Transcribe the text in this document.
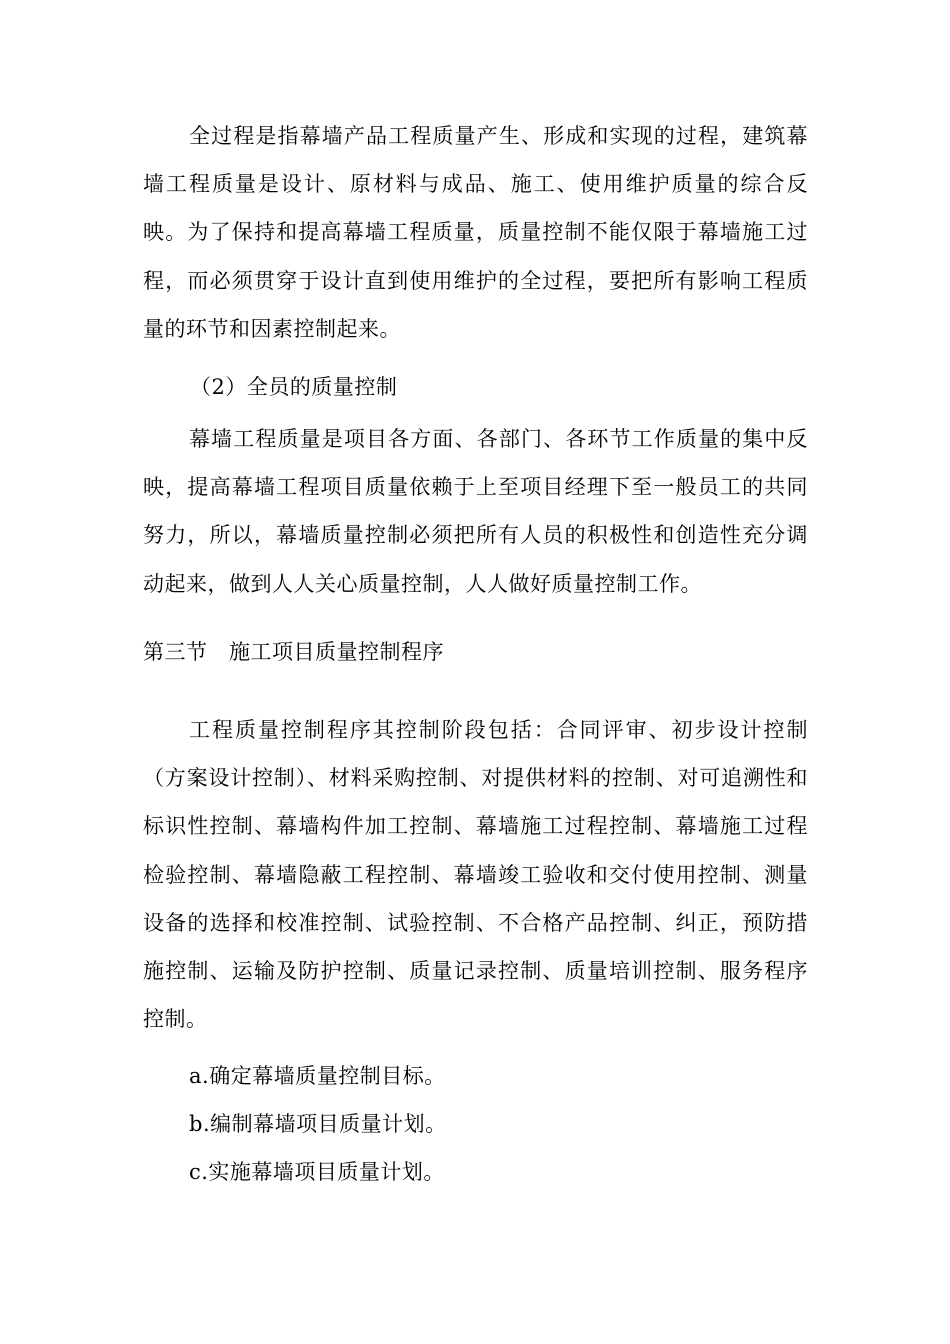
全过程是指幕墙产品工程质量产生、形成和实现的过程，建筑幕墙工程质量是设计、原材料与成品、施工、使用维护质量的综合反映。为了保持和提高幕墙工程质量，质量控制不能仅限于幕墙施工过程，而必须贯穿于设计直到使用维护的全过程，要把所有影响工程质量的环节和因素控制起来。

（2）全员的质量控制

幕墙工程质量是项目各方面、各部门、各环节工作质量的集中反映，提高幕墙工程项目质量依赖于上至项目经理下至一般员工的共同努力，所以，幕墙质量控制必须把所有人员的积极性和创造性充分调动起来，做到人人关心质量控制，人人做好质量控制工作。

第三节　施工项目质量控制程序

工程质量控制程序其控制阶段包括：合同评审、初步设计控制（方案设计控制）、材料采购控制、对提供材料的控制、对可追溯性和标识性控制、幕墙构件加工控制、幕墙施工过程控制、幕墙施工过程检验控制、幕墙隐蔽工程控制、幕墙竣工验收和交付使用控制、测量设备的选择和校准控制、试验控制、不合格产品控制、纠正，预防措施控制、运输及防护控制、质量记录控制、质量培训控制、服务程序控制。

a.确定幕墙质量控制目标。

b.编制幕墙项目质量计划。

c.实施幕墙项目质量计划。
